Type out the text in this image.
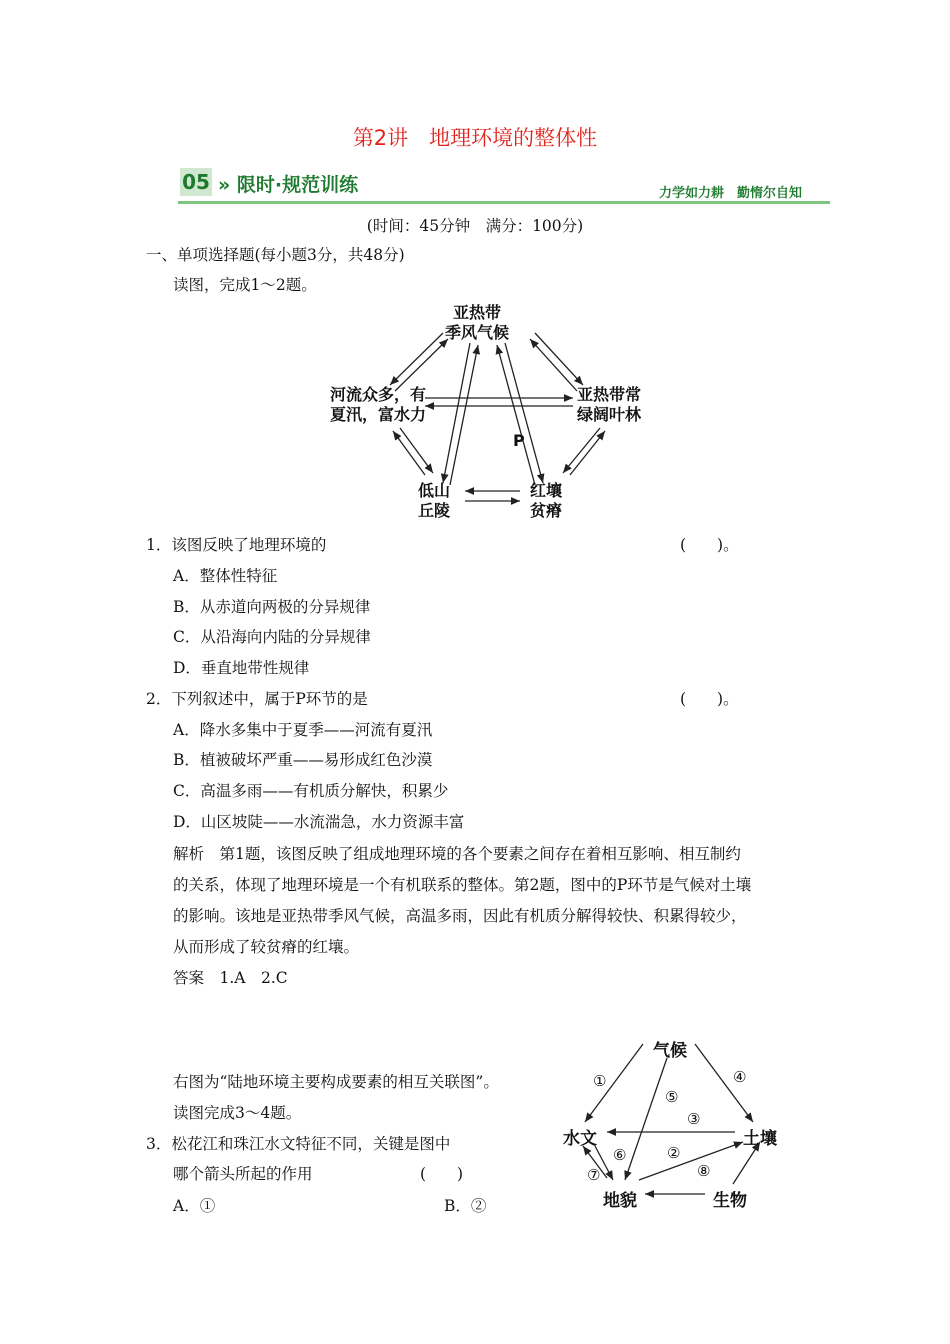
第2讲　地理环境的整体性
05 » 限时·规范训练	力学如力耕　勤惰尔自知
(时间：45分钟　满分：100分)
一、单项选择题(每小题3分，共48分)
读图，完成1～2题。
亚热带
季风气候
河流众多，有
夏汛，富水力
亚热带常
绿阔叶林
低山
丘陵
红壤
贫瘠
P
1．该图反映了地理环境的	(　　)。
A．整体性特征
B．从赤道向两极的分异规律
C．从沿海向内陆的分异规律
D．垂直地带性规律
2．下列叙述中，属于P环节的是	(　　)。
A．降水多集中于夏季——河流有夏汛
B．植被破坏严重——易形成红色沙漠
C．高温多雨——有机质分解快，积累少
D．山区坡陡——水流湍急，水力资源丰富
解析　第1题，该图反映了组成地理环境的各个要素之间存在着相互影响、相互制约
的关系，体现了地理环境是一个有机联系的整体。第2题，图中的P环节是气候对土壤
的影响。该地是亚热带季风气候，高温多雨，因此有机质分解得较快、积累得较少，
从而形成了较贫瘠的红壤。
答案　1.A　2.C
右图为“陆地环境主要构成要素的相互关联图”。
读图完成3～4题。
3．松花江和珠江水文特征不同，关键是图中
哪个箭头所起的作用	(　　)
A．①	B．②
气候
水文	土壤
地貌	生物
①
②
③
④
⑤
⑥
⑦	⑧
